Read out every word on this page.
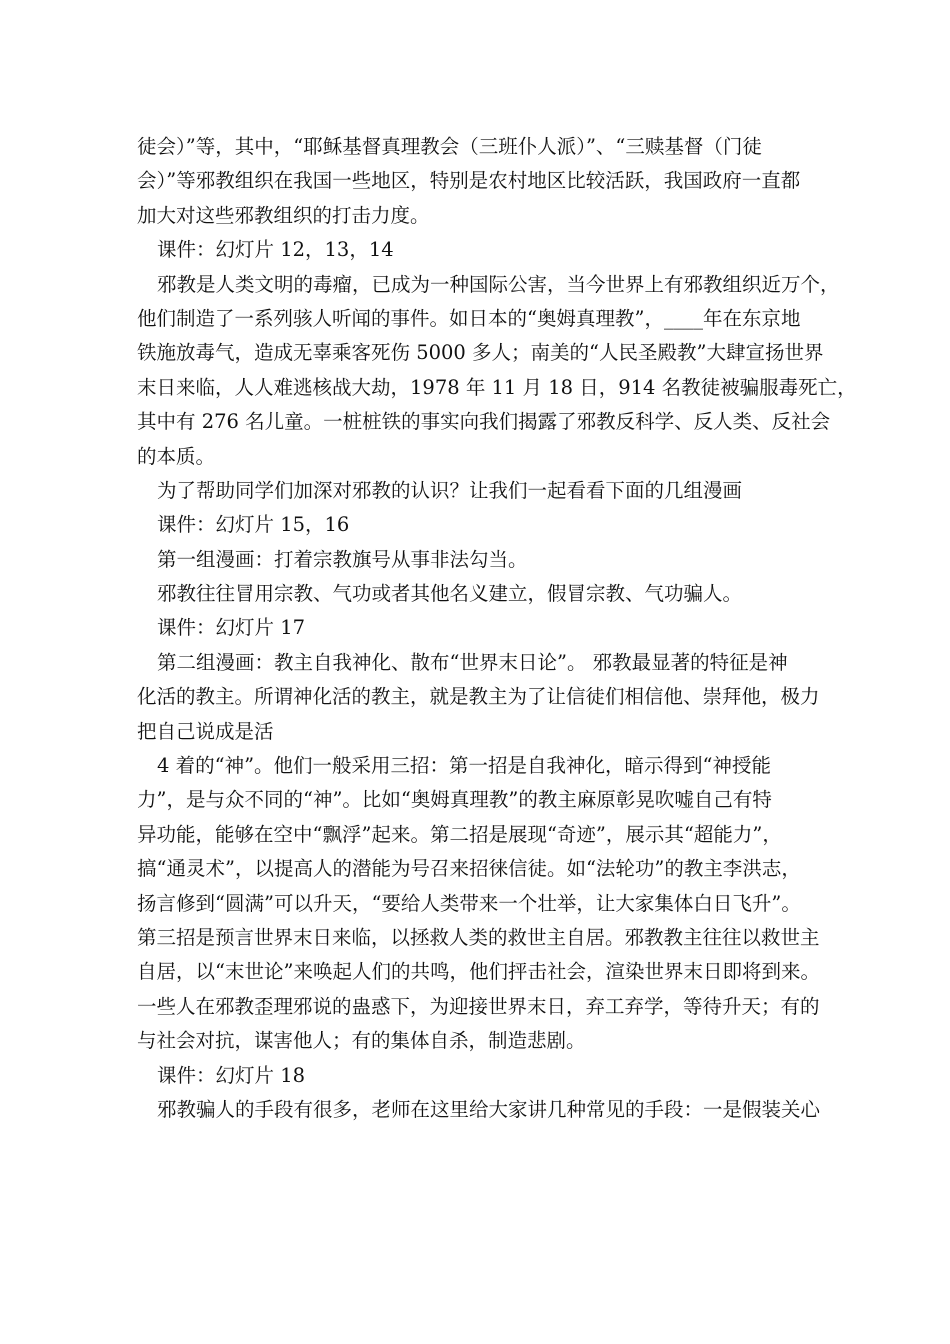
徒会）”等，其中，“耶稣基督真理教会（三班仆人派）”、“三赎基督（门徒
会）”等邪教组织在我国一些地区，特别是农村地区比较活跃，我国政府一直都
加大对这些邪教组织的打击力度。

课件：幻灯片 12，13，14

邪教是人类文明的毒瘤，已成为一种国际公害，当今世界上有邪教组织近万个，
他们制造了一系列骇人听闻的事件。如日本的“奥姆真理教”，____年在东京地
铁施放毒气，造成无辜乘客死伤 5000 多人；南美的“人民圣殿教”大肆宣扬世界
末日来临，人人难逃核战大劫，1978 年 11 月 18 日，914 名教徒被骗服毒死亡，
其中有 276 名儿童。一桩桩铁的事实向我们揭露了邪教反科学、反人类、反社会
的本质。

为了帮助同学们加深对邪教的认识？让我们一起看看下面的几组漫画

课件：幻灯片 15，16

第一组漫画：打着宗教旗号从事非法勾当。

邪教往往冒用宗教、气功或者其他名义建立，假冒宗教、气功骗人。

课件：幻灯片 17

第二组漫画：教主自我神化、散布“世界末日论”。 邪教最显著的特征是神
化活的教主。所谓神化活的教主，就是教主为了让信徒们相信他、崇拜他，极力
把自己说成是活

4 着的“神”。他们一般采用三招：第一招是自我神化，暗示得到“神授能
力”，是与众不同的“神”。比如“奥姆真理教”的教主麻原彰晃吹嘘自己有特
异功能，能够在空中“飘浮”起来。第二招是展现“奇迹”，展示其“超能力”，
搞“通灵术”，以提高人的潜能为号召来招徕信徒。如“法轮功”的教主李洪志，
扬言修到“圆满”可以升天，“要给人类带来一个壮举，让大家集体白日飞升”。
第三招是预言世界末日来临，以拯救人类的救世主自居。邪教教主往往以救世主
自居，以“末世论”来唤起人们的共鸣，他们抨击社会，渲染世界末日即将到来。
一些人在邪教歪理邪说的蛊惑下，为迎接世界末日，弃工弃学，等待升天；有的
与社会对抗，谋害他人；有的集体自杀，制造悲剧。

课件：幻灯片 18

邪教骗人的手段有很多，老师在这里给大家讲几种常见的手段：一是假装关心
